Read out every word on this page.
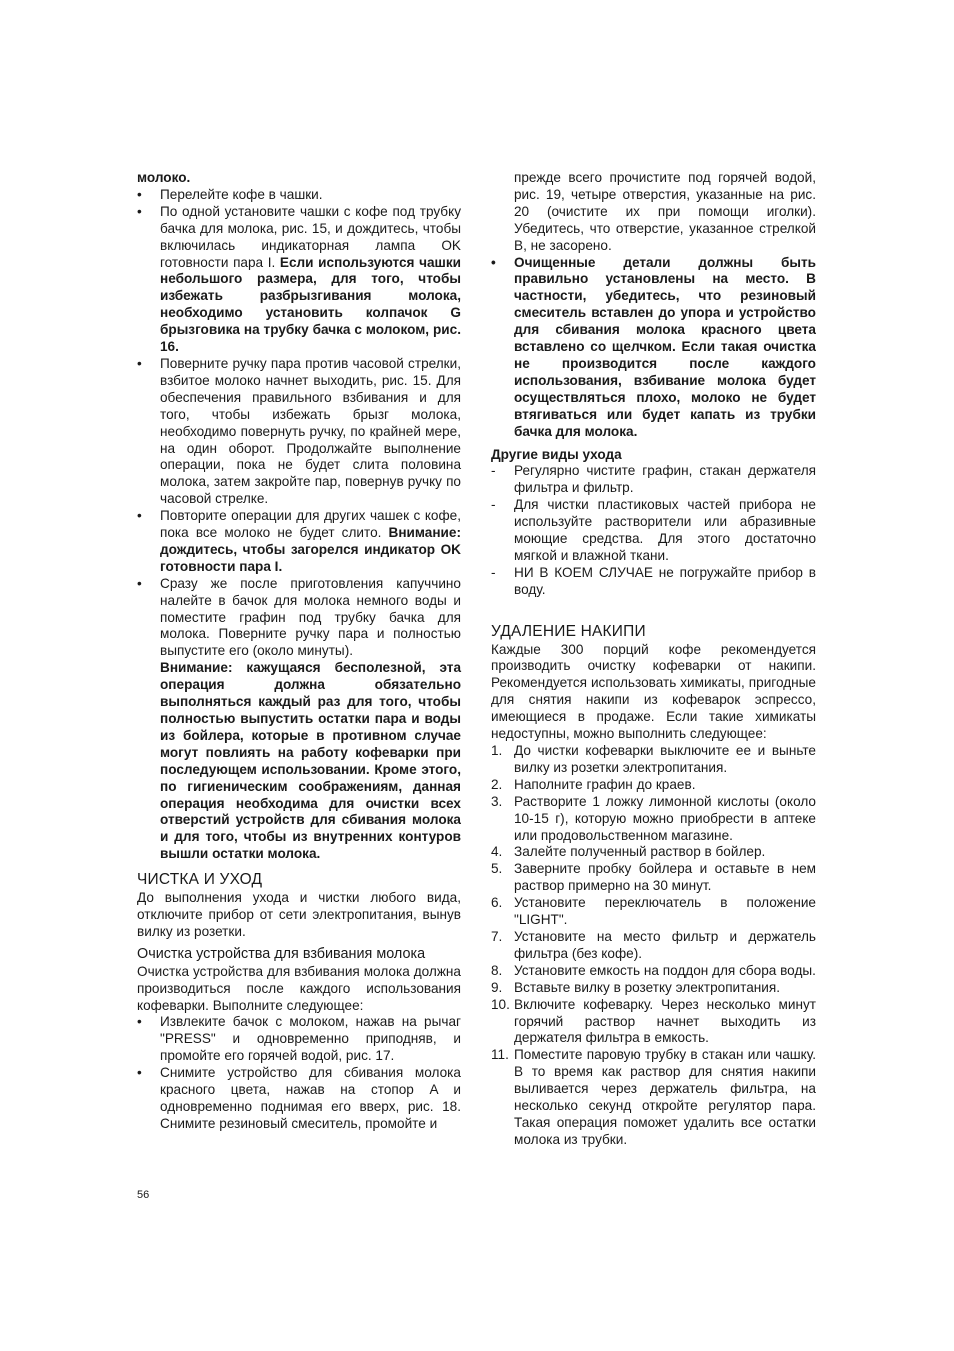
молоко.

• Перелейте кофе в чашки.
• По одной установите чашки с кофе под трубку бачка для молока, рис. 15, и дождитесь, чтобы включилась индикаторная лампа OK готовности пара I. Если используются чашки небольшого размера, для того, чтобы избежать разбрызгивания молока, необходимо установить колпачок G брызговика на трубку бачка с молоком, рис. 16.
• Поверните ручку пара против часовой стрелки, взбитое молоко начнет выходить, рис. 15. Для обеспечения правильного взбивания и для того, чтобы избежать брызг молока, необходимо повернуть ручку, по крайней мере, на один оборот. Продолжайте выполнение операции, пока не будет слита половина молока, затем закройте пар, повернув ручку по часовой стрелке.
• Повторите операции для других чашек с кофе, пока все молоко не будет слито. Внимание: дождитесь, чтобы загорелся индикатор OK готовности пара I.
• Сразу же после приготовления капуччино налейте в бачок для молока немного воды и поместите графин под трубку бачка для молока. Поверните ручку пара и полностью выпустите его (около минуты).
Внимание: кажущаяся бесполезной, эта операция должна обязательно выполняться каждый раз для того, чтобы полностью выпустить остатки пара и воды из бойлера, которые в противном случае могут повлиять на работу кофеварки при последующем использовании. Кроме этого, по гигиеническим соображениям, данная операция необходима для очистки всех отверстий устройств для сбивания молока и для того, чтобы из внутренних контуров вышли остатки молока.
ЧИСТКА И УХОД

До выполнения ухода и чистки любого вида, отключите прибор от сети электропитания, вынув вилку из розетки.

Очистка устройства для взбивания молока

Очистка устройства для взбивания молока должна производиться после каждого использования кофеварки. Выполните следующее:

• Извлеките бачок с молоком, нажав на рычаг "PRESS" и одновременно приподняв, и промойте его горячей водой, рис. 17.
• Снимите устройство для сбивания молока красного цвета, нажав на стопор A и одновременно поднимая его вверх, рис. 18. Снимите резиновый смеситель, промойте и

прежде всего прочистите под горячей водой, рис. 19, четыре отверстия, указанные на рис. 20 (очистите их при помощи иголки). Убедитесь, что отверстие, указанное стрелкой B, не засорено.

• Очищенные детали должны быть правильно установлены на место. В частности, убедитесь, что резиновый смеситель вставлен до упора и устройство для сбивания молока красного цвета вставлено со щелчком. Если такая очистка не производится после каждого использования, взбивание молока будет осуществляться плохо, молоко не будет втягиваться или будет капать из трубки бачка для молока.
Другие виды ухода
- Регулярно чистите графин, стакан держателя фильтра и фильтр.
- Для чистки пластиковых частей прибора не используйте растворители или абразивные моющие средства. Для этого достаточно мягкой и влажной ткани.
- НИ В КОЕМ СЛУЧАЕ не погружайте прибор в воду.
УДАЛЕНИЕ НАКИПИ

Каждые 300 порций кофе рекомендуется производить очистку кофеварки от накипи. Рекомендуется использовать химикаты, пригодные для снятия накипи из кофеварок эспрессо, имеющиеся в продаже. Если такие химикаты недоступны, можно выполнить следующее:

1. До чистки кофеварки выключите ее и выньте вилку из розетки электропитания.
2. Наполните графин до краев.
3. Растворите 1 ложку лимонной кислоты (около 10-15 г), которую можно приобрести в аптеке или продовольственном магазине.
4. Залейте полученный раствор в бойлер.
5. Заверните пробку бойлера и оставьте в нем раствор примерно на 30 минут.
6. Установите переключатель в положение "LIGHT".
7. Установите на место фильтр и держатель фильтра (без кофе).
8. Установите емкость на поддон для сбора воды.
9. Вставьте вилку в розетку электропитания.
10. Включите кофеварку. Через несколько минут горячий раствор начнет выходить из держателя фильтра в емкость.
11. Поместите паровую трубку в стакан или чашку. В то время как раствор для снятия накипи выливается через держатель фильтра, на несколько секунд откройте регулятор пара. Такая операция поможет удалить все остатки молока из трубки.
56
